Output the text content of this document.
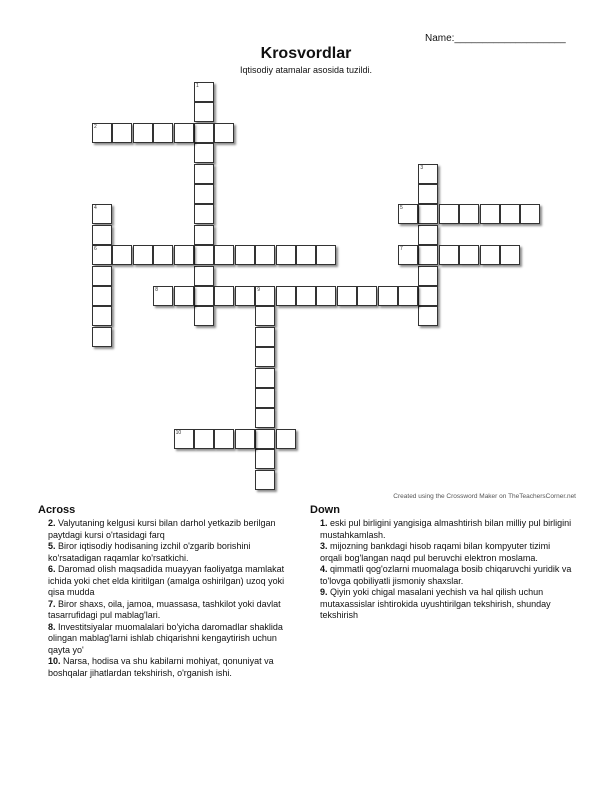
Name:____________________
Krosvordlar
Iqtisodiy atamalar asosida tuzildi.
1
2
3
4
6
5
7
8	9
10
Created using the Crossword Maker on TheTeachersCorner.net
Across
2. Valyutaning kelgusi kursi bilan darhol yetkazib berilgan paytdagi kursi o'rtasidagi farq
5. Biror iqtisodiy hodisaning izchil o'zgarib borishini ko'rsatadigan raqamlar ko'rsatkichi.
6. Daromad olish maqsadida muayyan faoliyatga mamlakat ichida yoki chet elda kiritilgan (amalga oshirilgan) uzoq yoki qisa mudda
7. Biror shaxs, oila, jamoa, muassasa, tashkilot yoki davlat tasarrufidagi pul mablag'lari.
8. Investitsiyalar muomalalari bo'yicha daromadlar shaklida olingan mablag'larni ishlab chiqarishni kengaytirish uchun qayta yo'
10. Narsa, hodisa va shu kabilarni mohiyat, qonuniyat va boshqalar jihatlardan tekshirish, o'rganish ishi.
Down
1. eski pul birligini yangisiga almashtirish bilan milliy pul birligini mustahkamlash.
3. mijozning bankdagi hisob raqami bilan kompyuter tizimi orqali bog'langan naqd pul beruvchi elektron moslama.
4. qimmatli qog'ozlarni muomalaga bosib chiqaruvchi yuridik va to'lovga qobiliyatli jismoniy shaxslar.
9. Qiyin yoki chigal masalani yechish va hal qilish uchun mutaxassislar ishtirokida uyushtirilgan tekshirish, shunday tekshirish
